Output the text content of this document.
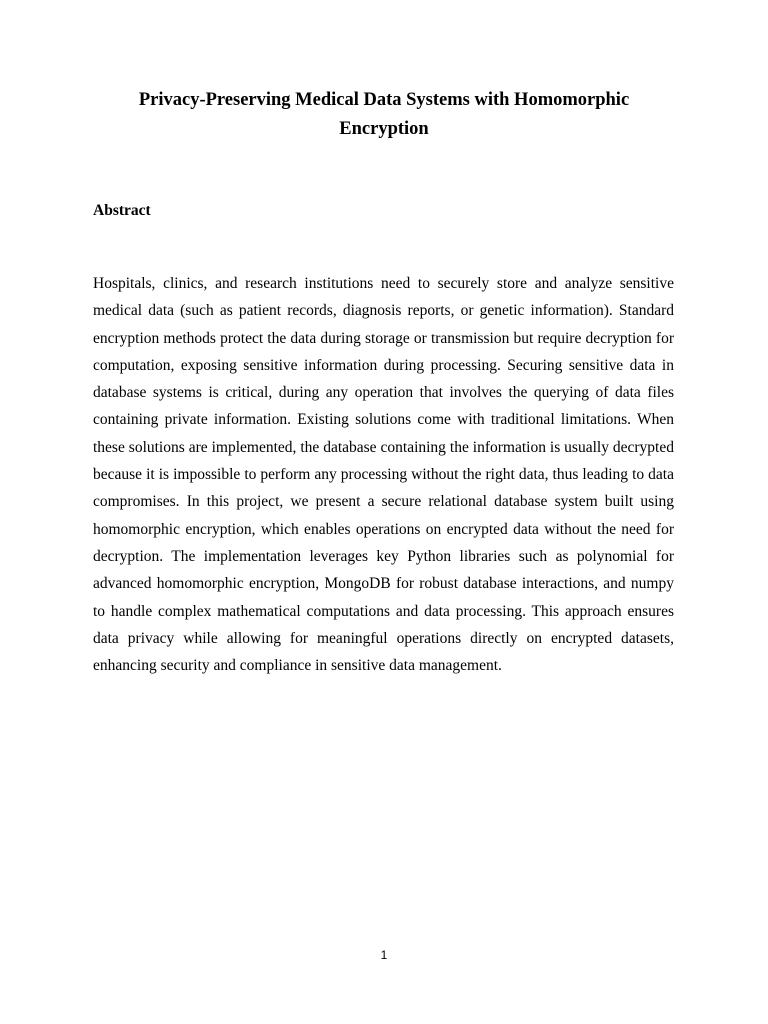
Privacy-Preserving Medical Data Systems with Homomorphic Encryption
Abstract

Hospitals, clinics, and research institutions need to securely store and analyze sensitive medical data (such as patient records, diagnosis reports, or genetic information). Standard encryption methods protect the data during storage or transmission but require decryption for computation, exposing sensitive information during processing. Securing sensitive data in database systems is critical, during any operation that involves the querying of data files containing private information. Existing solutions come with traditional limitations. When these solutions are implemented, the database containing the information is usually decrypted because it is impossible to perform any processing without the right data, thus leading to data compromises. In this project, we present a secure relational database system built using homomorphic encryption, which enables operations on encrypted data without the need for decryption. The implementation leverages key Python libraries such as polynomial for advanced homomorphic encryption, MongoDB for robust database interactions, and numpy to handle complex mathematical computations and data processing. This approach ensures data privacy while allowing for meaningful operations directly on encrypted datasets, enhancing security and compliance in sensitive data management.

1
